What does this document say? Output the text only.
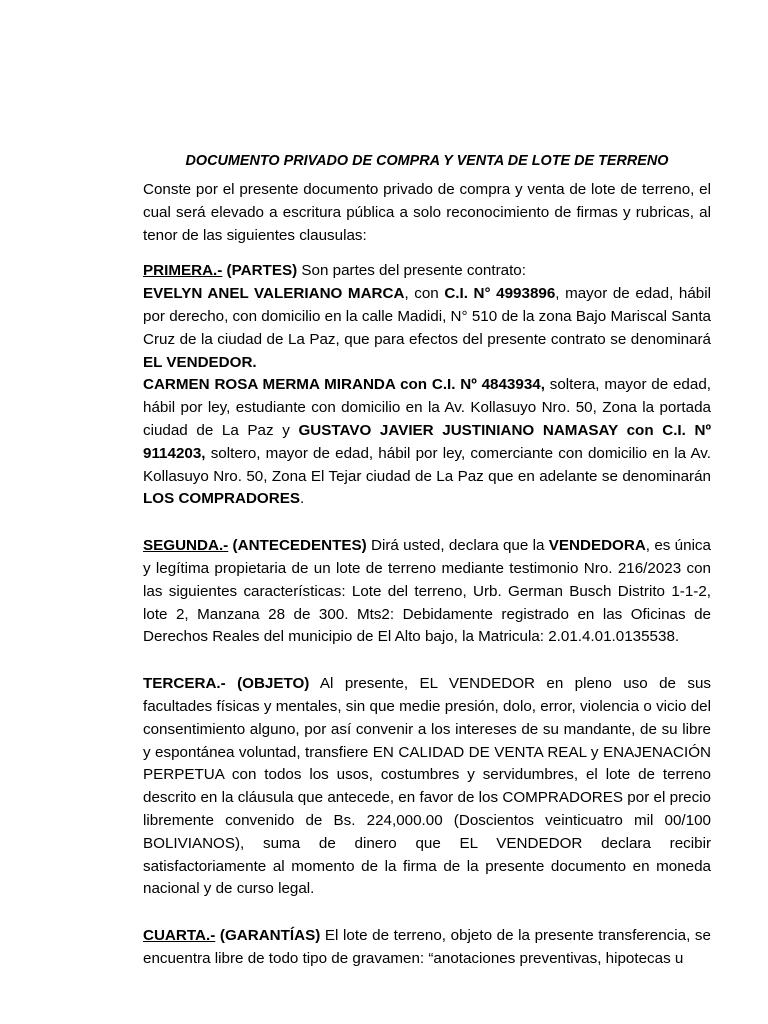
DOCUMENTO PRIVADO DE COMPRA Y VENTA DE LOTE DE TERRENO

Conste por el presente documento privado de compra y venta de lote de terreno, el cual será elevado a escritura pública a solo reconocimiento de firmas y rubricas, al tenor de las siguientes clausulas:

PRIMERA.- (PARTES) Son partes del presente contrato:

EVELYN ANEL VALERIANO MARCA, con C.I. N° 4993896, mayor de edad, hábil por derecho, con domicilio en la calle Madidi, N° 510 de la zona Bajo Mariscal Santa Cruz de la ciudad de La Paz, que para efectos del presente contrato se denominará EL VENDEDOR.

CARMEN ROSA MERMA MIRANDA con C.I. Nº 4843934, soltera, mayor de edad, hábil por ley, estudiante con domicilio en la Av. Kollasuyo Nro. 50, Zona la portada ciudad de La Paz y GUSTAVO JAVIER JUSTINIANO NAMASAY con C.I. Nº 9114203, soltero, mayor de edad, hábil por ley, comerciante con domicilio en la Av. Kollasuyo Nro. 50, Zona El Tejar ciudad de La Paz que en adelante se denominarán LOS COMPRADORES.

SEGUNDA.- (ANTECEDENTES) Dirá usted, declara que la VENDEDORA, es única y legítima propietaria de un lote de terreno mediante testimonio Nro. 216/2023 con las siguientes características: Lote del terreno, Urb. German Busch Distrito 1-1-2, lote 2, Manzana 28 de 300. Mts2: Debidamente registrado en las Oficinas de Derechos Reales del municipio de El Alto bajo, la Matricula: 2.01.4.01.0135538.

TERCERA.- (OBJETO) Al presente, EL VENDEDOR en pleno uso de sus facultades físicas y mentales, sin que medie presión, dolo, error, violencia o vicio del consentimiento alguno, por así convenir a los intereses de su mandante, de su libre y espontánea voluntad, transfiere EN CALIDAD DE VENTA REAL y ENAJENACIÓN PERPETUA con todos los usos, costumbres y servidumbres, el lote de terreno descrito en la cláusula que antecede, en favor de los COMPRADORES por el precio libremente convenido de Bs. 224,000.00 (Doscientos veinticuatro mil 00/100 BOLIVIANOS), suma de dinero que EL VENDEDOR declara recibir satisfactoriamente al momento de la firma de la presente documento en moneda nacional y de curso legal.

CUARTA.- (GARANTÍAS) El lote de terreno, objeto de la presente transferencia, se encuentra libre de todo tipo de gravamen: “anotaciones preventivas, hipotecas u
